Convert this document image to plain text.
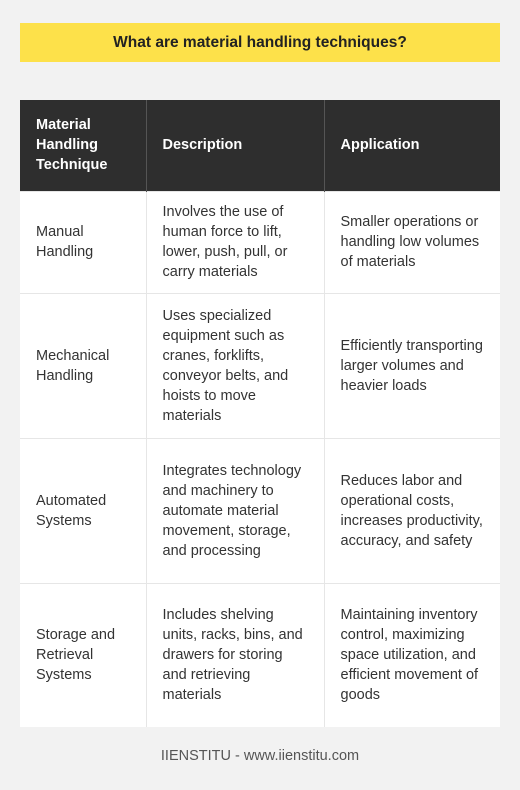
What are material handling techniques?
Material Handling Technique	Description	Application
Manual Handling	Involves the use of human force to lift, lower, push, pull, or carry materials	Smaller operations or handling low volumes of materials
Mechanical Handling	Uses specialized equipment such as cranes, forklifts, conveyor belts, and hoists to move materials	Efficiently transporting larger volumes and heavier loads
Automated Systems	Integrates technology and machinery to automate material movement, storage, and processing	Reduces labor and operational costs, increases productivity, accuracy, and safety
Storage and Retrieval Systems	Includes shelving units, racks, bins, and drawers for storing and retrieving materials	Maintaining inventory control, maximizing space utilization, and efficient movement of goods
IIENSTITU - www.iienstitu.com
